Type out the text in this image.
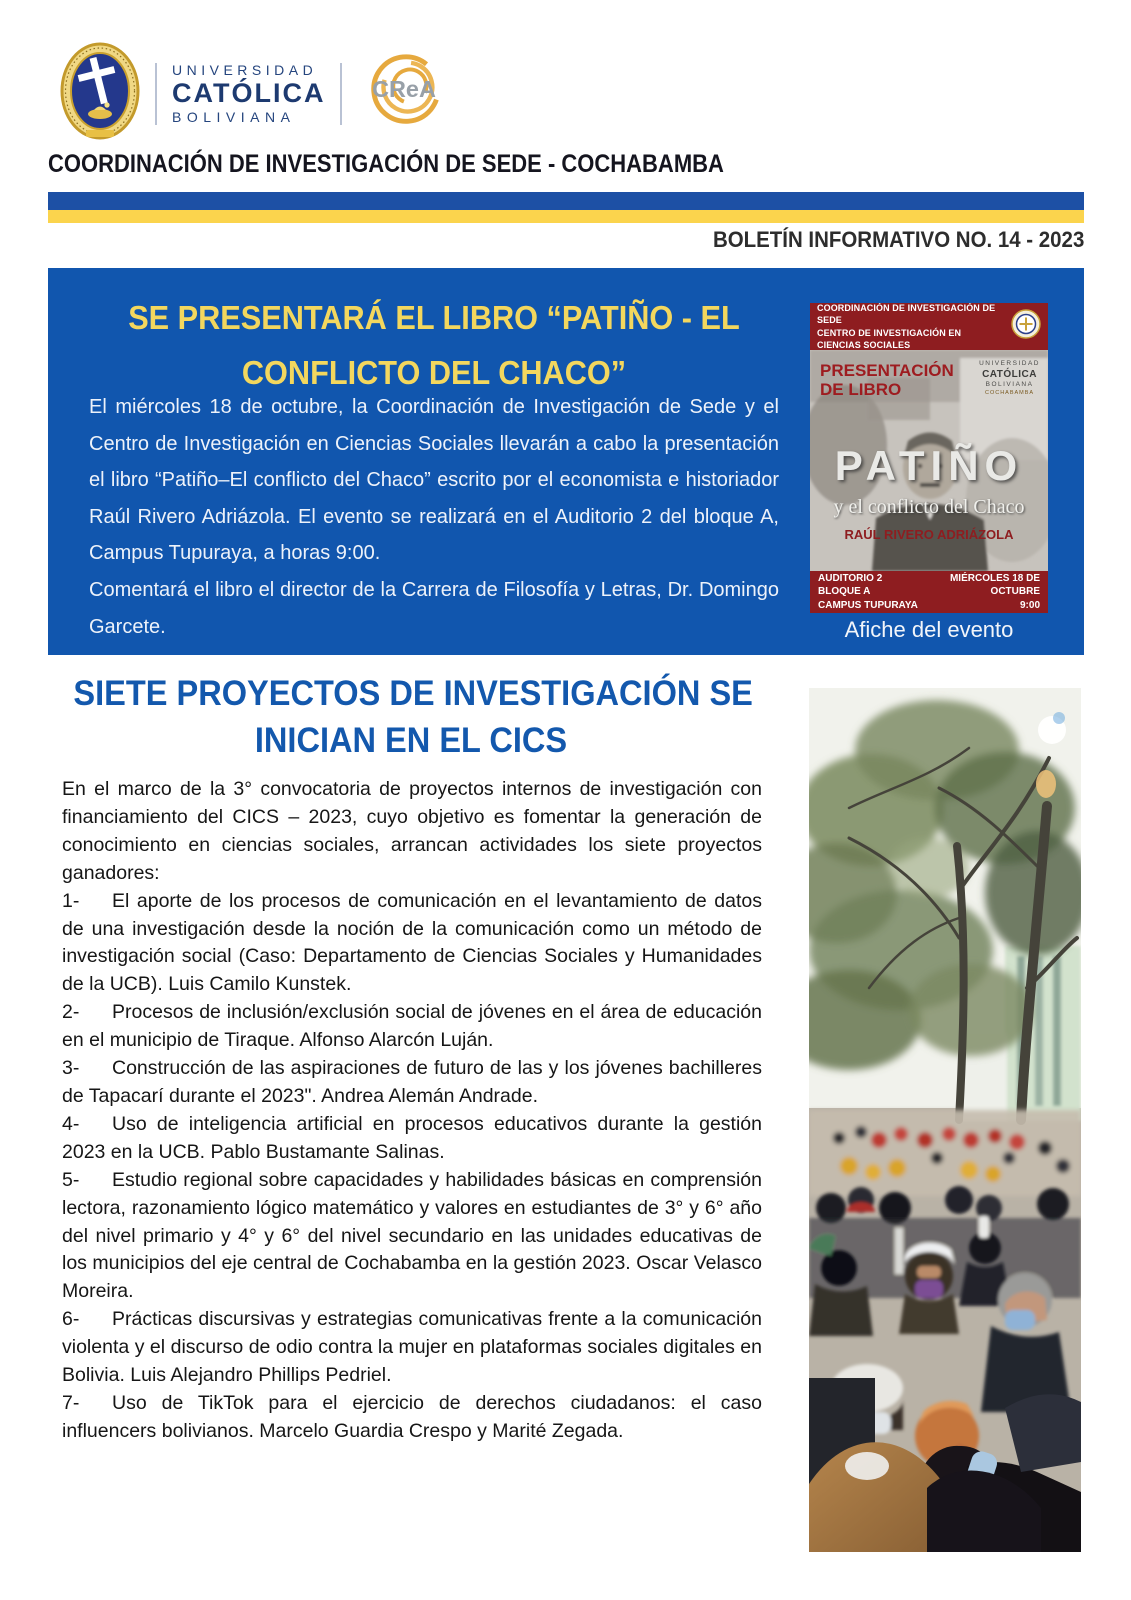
UNIVERSIDAD
CATÓLICA
BOLIVIANA
CReA
COORDINACIÓN DE INVESTIGACIÓN DE SEDE - COCHABAMBA
BOLETÍN INFORMATIVO NO. 14 - 2023
SE PRESENTARÁ EL LIBRO “PATIÑO - EL
CONFLICTO DEL CHACO”

El miércoles 18 de octubre, la Coordinación de Investigación de Sede y el Centro de Investigación en Ciencias Sociales llevarán a cabo la presentación el libro “Patiño–El conflicto del Chaco” escrito por el economista e historiador Raúl Rivero Adriázola. El evento se realizará en el Auditorio 2 del bloque A, Campus Tupuraya, a horas 9:00.

Comentará el libro el director de la Carrera de Filosofía y Letras, Dr. Domingo Garcete.

COORDINACIÓN DE INVESTIGACIÓN DE SEDE
CENTRO DE INVESTIGACIÓN EN CIENCIAS SOCIALES
PRESENTACIÓN
DE LIBRO
UNIVERSIDAD
CATÓLICA
BOLIVIANA
COCHABAMBA
PATIÑO
y el conflicto del Chaco
RAÚL RIVERO ADRIÁZOLA
AUDITORIO 2 BLOQUE A
CAMPUS TUPURAYA
MIÉRCOLES 18 DE OCTUBRE
9:00
Afiche del evento
SIETE PROYECTOS DE INVESTIGACIÓN SE
INICIAN EN EL CICS

En el marco de la 3° convocatoria de proyectos internos de investigación con financiamiento del CICS – 2023, cuyo objetivo es fomentar la generación de conocimiento en ciencias sociales, arrancan actividades los siete proyectos ganadores:

1- El aporte de los procesos de comunicación en el levantamiento de datos de una investigación desde la noción de la comunicación como un método de investigación social (Caso: Departamento de Ciencias Sociales y Humanidades de la UCB). Luis Camilo Kunstek.

2- Procesos de inclusión/exclusión social de jóvenes en el área de educación en el municipio de Tiraque. Alfonso Alarcón Luján.

3- Construcción de las aspiraciones de futuro de las y los jóvenes bachilleres de Tapacarí durante el 2023". Andrea Alemán Andrade.

4- Uso de inteligencia artificial en procesos educativos durante la gestión 2023 en la UCB. Pablo Bustamante Salinas.

5- Estudio regional sobre capacidades y habilidades básicas en comprensión lectora, razonamiento lógico matemático y valores en estudiantes de 3° y 6° año del nivel primario y 4° y 6° del nivel secundario en las unidades educativas de los municipios del eje central de Cochabamba en la gestión 2023. Oscar Velasco Moreira.

6- Prácticas discursivas y estrategias comunicativas frente a la comunicación violenta y el discurso de odio contra la mujer en plataformas sociales digitales en Bolivia. Luis Alejandro Phillips Pedriel.

7- Uso de TikTok para el ejercicio de derechos ciudadanos: el caso influencers bolivianos. Marcelo Guardia Crespo y Marité Zegada.
